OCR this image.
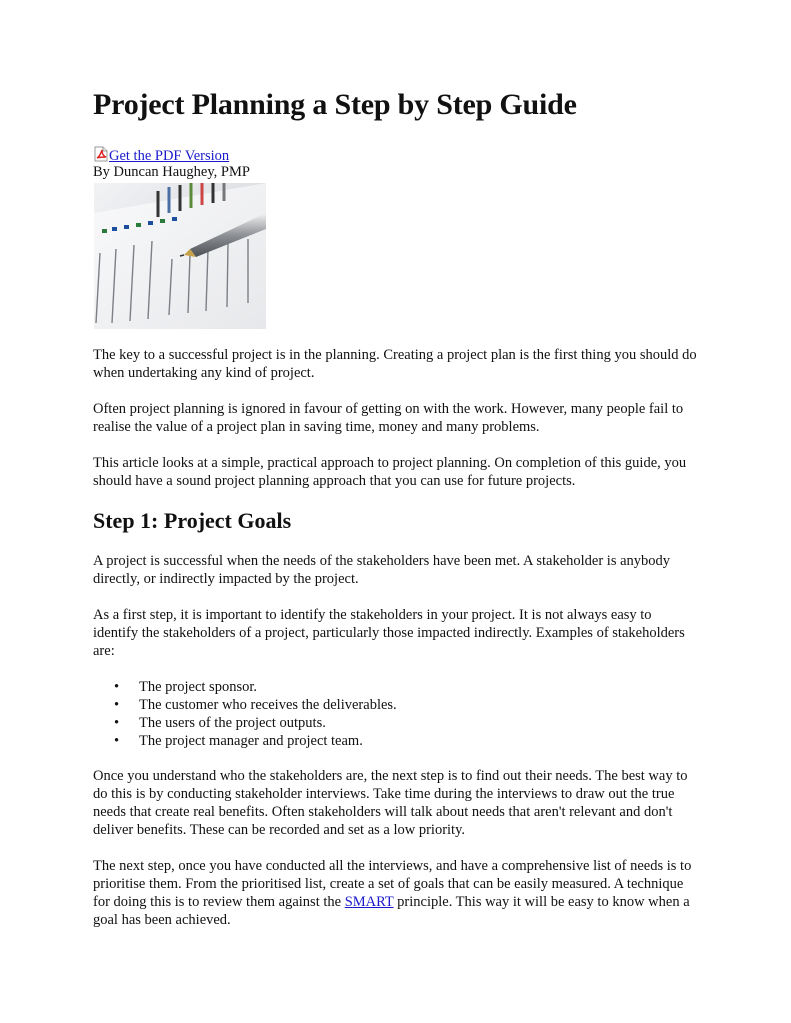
Project Planning a Step by Step Guide
Get the PDF Version
By Duncan Haughey, PMP

The key to a successful project is in the planning. Creating a project plan is the first thing you should do when undertaking any kind of project.

Often project planning is ignored in favour of getting on with the work. However, many people fail to realise the value of a project plan in saving time, money and many problems.

This article looks at a simple, practical approach to project planning. On completion of this guide, you should have a sound project planning approach that you can use for future projects.

Step 1: Project Goals

A project is successful when the needs of the stakeholders have been met. A stakeholder is anybody directly, or indirectly impacted by the project.

As a first step, it is important to identify the stakeholders in your project. It is not always easy to identify the stakeholders of a project, particularly those impacted indirectly. Examples of stakeholders are:

• The project sponsor.
• The customer who receives the deliverables.
• The users of the project outputs.
• The project manager and project team.

Once you understand who the stakeholders are, the next step is to find out their needs. The best way to do this is by conducting stakeholder interviews. Take time during the interviews to draw out the true needs that create real benefits. Often stakeholders will talk about needs that aren't relevant and don't deliver benefits. These can be recorded and set as a low priority.

The next step, once you have conducted all the interviews, and have a comprehensive list of needs is to prioritise them. From the prioritised list, create a set of goals that can be easily measured. A technique for doing this is to review them against the SMART principle. This way it will be easy to know when a goal has been achieved.
